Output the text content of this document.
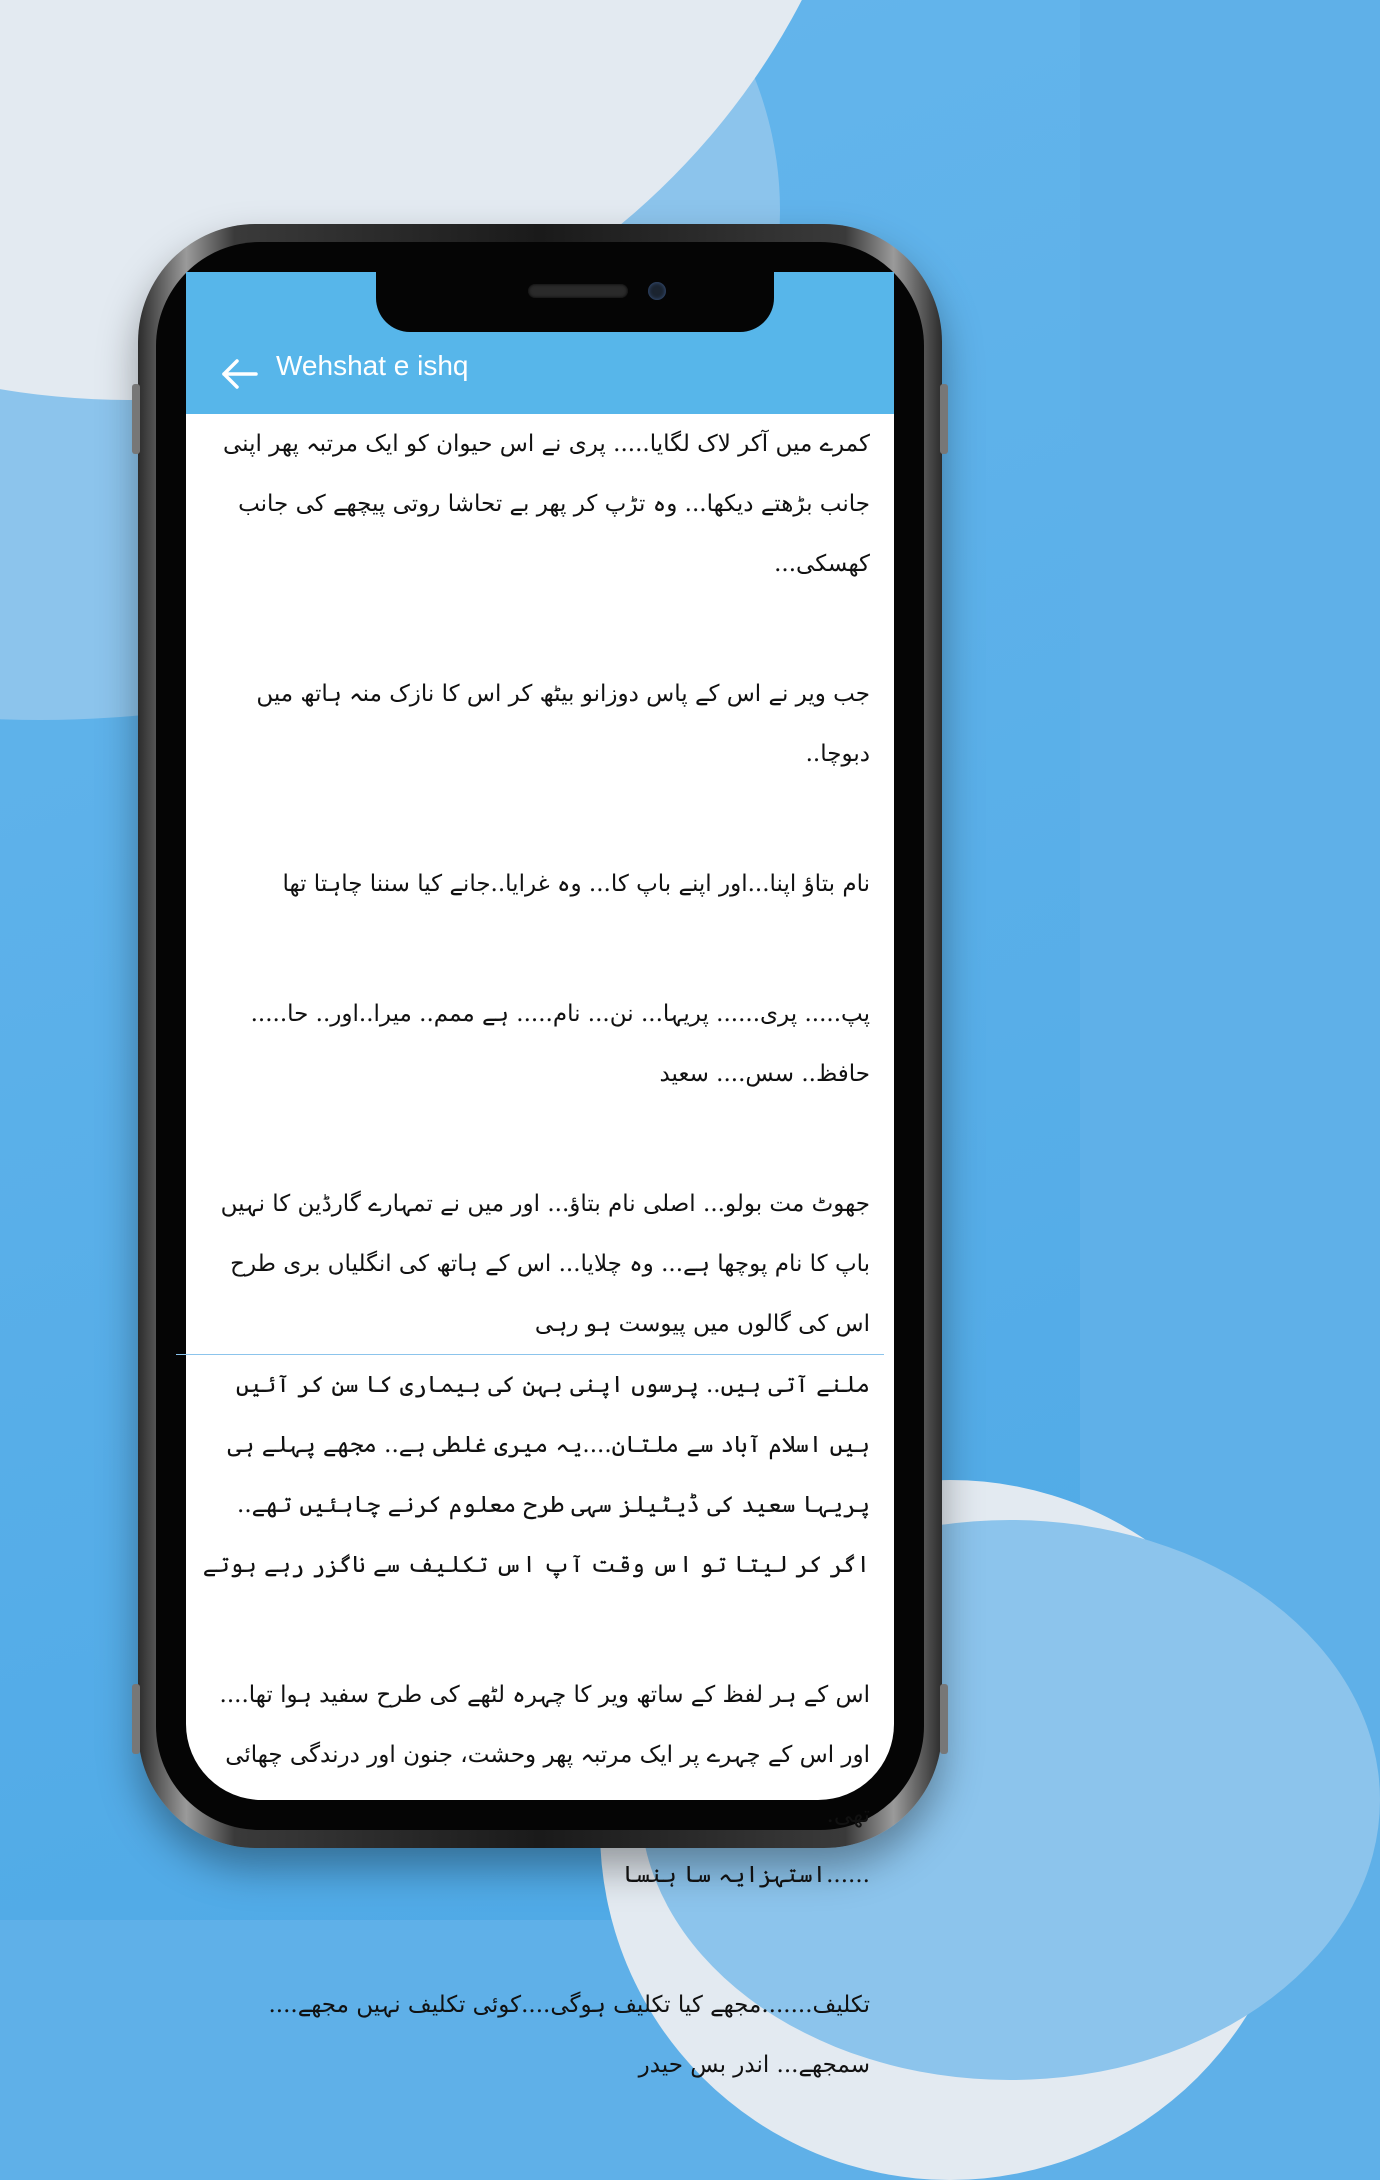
Wehshat e ishq

کمرے میں آکر لاک لگایا..... پری نے اس حیوان کو ایک مرتبہ پھر اپنی جانب بڑھتے دیکھا... وہ تڑپ کر پھر بے تحاشا روتی پیچھے کی جانب کھسکی...

جب ویر نے اس کے پاس دوزانو بیٹھ کر اس کا نازک منہ ہاتھ میں دبوچا..

نام بتاؤ اپنا...اور اپنے باپ کا... وہ غرایا..جانے کیا سننا چاہتا تھا

پپ..... پری...... پریہا... نن... نام..... ہے ممم.. میرا..اور.. حا..... حافظ.. سس.... سعید

جھوٹ مت بولو... اصلی نام بتاؤ... اور میں نے تمہارے گارڈین کا نہیں باپ کا نام پوچھا ہے... وہ چلایا... اس کے ہاتھ کی انگلیاں بری طرح اس کی گالوں میں پیوست ہو رہی

ملنے آتی ہیں.. پرسوں اپنی بہن کی بیماری کا سن کر آئیں ہیں اسلام آباد سے ملتان....یہ میری غلطی ہے.. مجھے پہلے ہی پریہا سعید کی ڈیٹیلز سہی طرح معلوم کرنے چاہئیں تھے.. اگر کر لیتا تو اس وقت آپ اس تکلیف سے ناگزر رہے ہوتے

اس کے ہر لفظ کے ساتھ ویر کا چہرہ لٹھے کی طرح سفید ہوا تھا.... اور اس کے چہرے پر ایک مرتبہ پھر وحشت، جنون اور درندگی چھائی تھی.

......استہزایہ سا ہنسا

تکلیف.......مجھے کیا تکلیف ہوگی....کوئی تکلیف نہیں مجھے.... سمجھے... اندر بس حیدر
